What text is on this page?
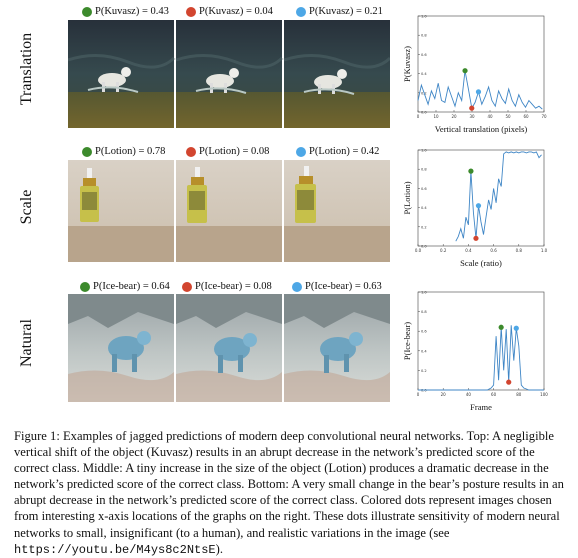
Translation
P(Kuvasz) = 0.43	P(Kuvasz) = 0.04	P(Kuvasz) = 0.21	1.0
0.8
0.6
0.4
0.2
0.0
0	10	20	30	40	50	60	70
Vertical translation (pixels)
P(Kuvasz)
Scale
P(Lotion) = 0.78	P(Lotion) = 0.08	P(Lotion) = 0.42	1.0
0.8
0.6
0.4
0.2
0.0
0.0	0.2	0.4	0.6	0.8	1.0
Scale (ratio)
P(Lotion)
Natural
P(Ice-bear) = 0.64 P(Ice-bear) = 0.08	P(Ice-bear) = 0.63
1.0
0.8
0.6
0.4
0.2
0.0
0	20	40	60	80	100
Frame
P(Ice-bear)
Figure 1: Examples of jagged predictions of modern deep convolutional neural networks. Top: A negligible vertical shift of the object (Kuvasz) results in an abrupt decrease in the network’s predicted score of the correct class. Middle: A tiny increase in the size of the object (Lotion) produces a dramatic decrease in the network’s predicted score of the correct class. Bottom: A very small change in the bear’s posture results in an abrupt decrease in the network’s predicted score of the correct class. Colored dots represent images chosen from interesting x-axis locations of the graphs on the right. These dots illustrate sensitivity of modern neural networks to small, insignificant (to a human), and realistic variations in the image (see https://youtu.be/M4ys8c2NtsE).
